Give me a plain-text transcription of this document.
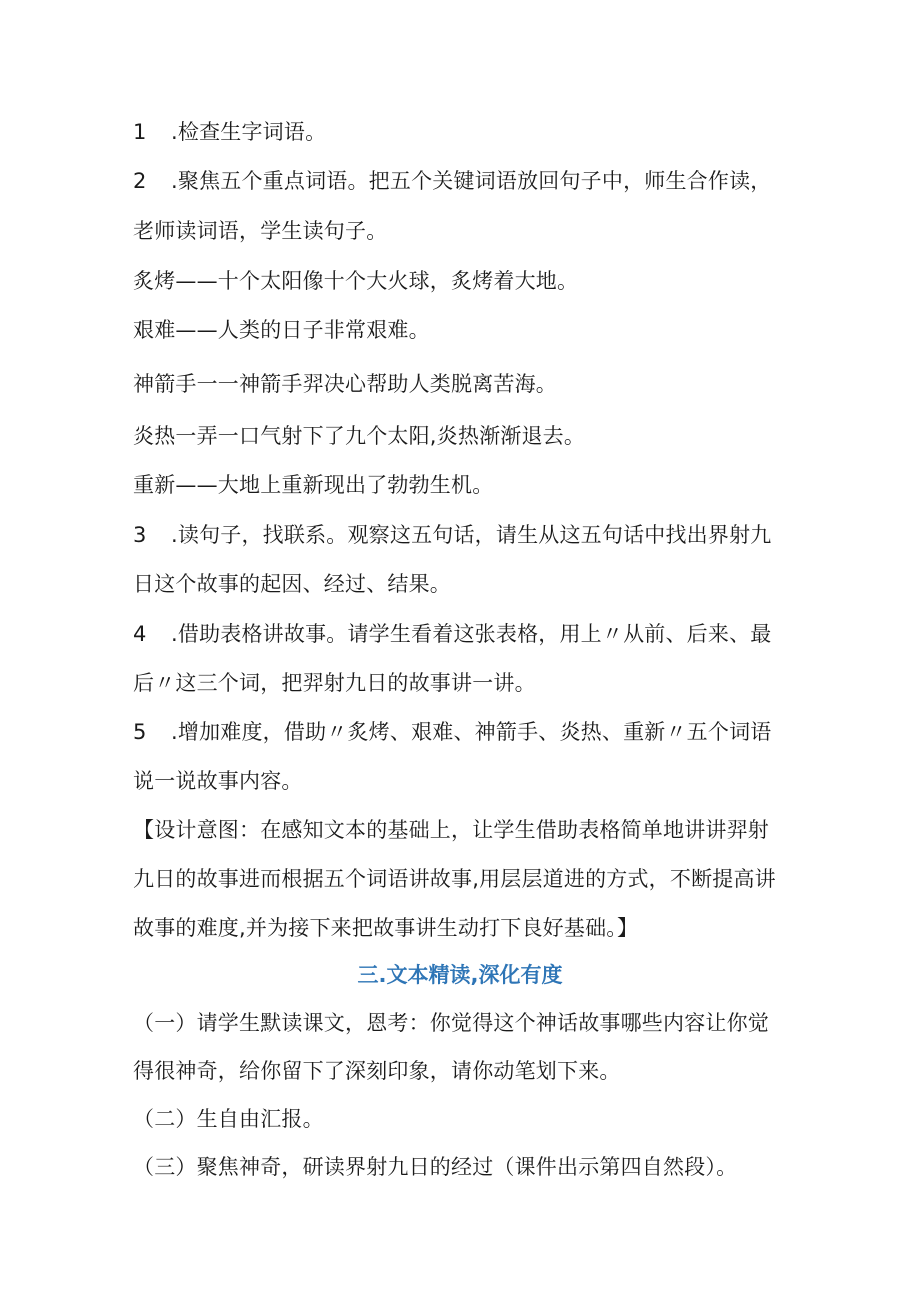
1 .检查生字词语。

2 .聚焦五个重点词语。把五个关键词语放回句子中，师生合作读，

老师读词语，学生读句子。

炙烤——十个太阳像十个大火球，炙烤着大地。

艰难——人类的日子非常艰难。

神箭手一一神箭手羿决心帮助人类脱离苦海。

炎热一弄一口气射下了九个太阳,炎热渐渐退去。

重新——大地上重新现出了勃勃生机。

3 .读句子，找联系。观察这五句话，请生从这五句话中找出界射九

日这个故事的起因、经过、结果。

4 .借助表格讲故事。请学生看着这张表格，用上〃从前、后来、最

后〃这三个词，把羿射九日的故事讲一讲。

5 .增加难度，借助〃炙烤、艰难、神箭手、炎热、重新〃五个词语

说一说故事内容。

【设计意图：在感知文本的基础上，让学生借助表格简单地讲讲羿射

九日的故事进而根据五个词语讲故事,用层层道进的方式，不断提高讲

故事的难度,并为接下来把故事讲生动打下良好基础。】

三.文本精读,深化有度

（一）请学生默读课文，恩考：你觉得这个神话故事哪些内容让你觉

得很神奇，给你留下了深刻印象，请你动笔划下来。

（二）生自由汇报。

（三）聚焦神奇，研读界射九日的经过（课件出示第四自然段）。
